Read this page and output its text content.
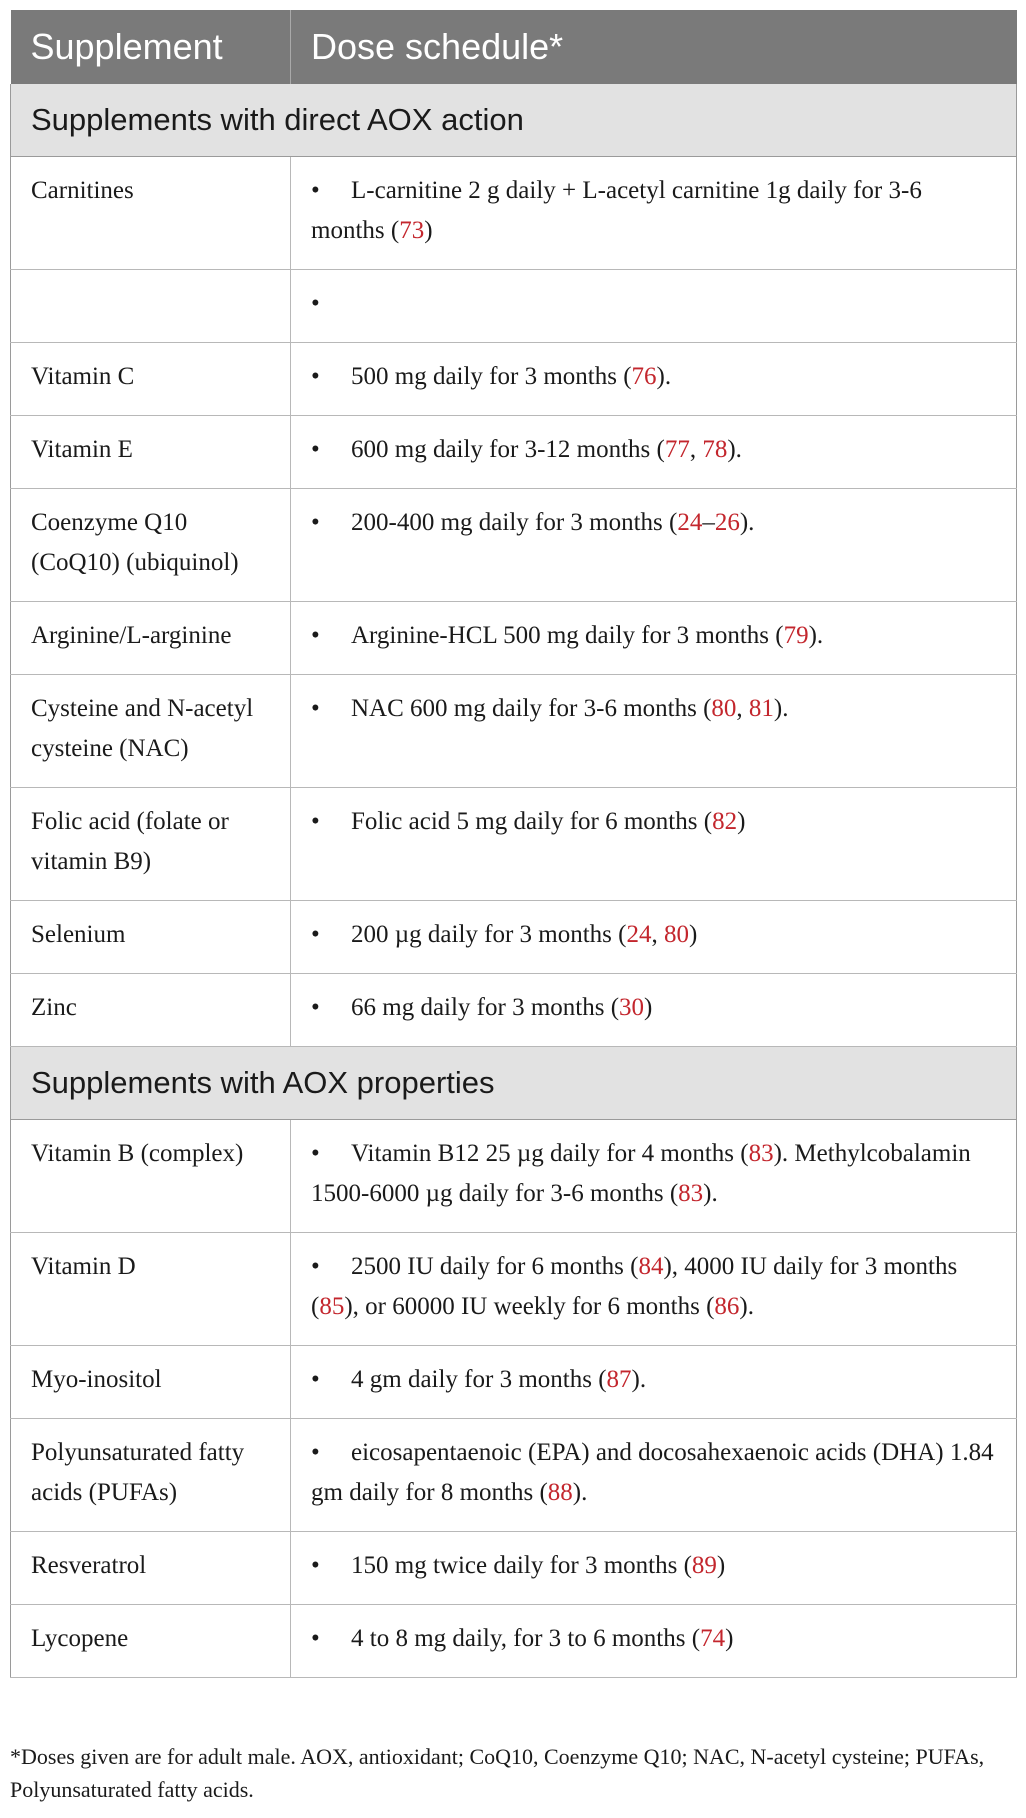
Supplement	Dose schedule*
Supplements with direct AOX action	
Carnitines	• L-carnitine 2 g daily + L-acetyl carnitine 1g daily for 3-6 months (73)

	•

Vitamin C	• 500 mg daily for 3 months (76).

Vitamin E	• 600 mg daily for 3-12 months (77, 78).

Coenzyme Q10 (CoQ10) (ubiquinol)	• 200-400 mg daily for 3 months (24–26).

Arginine/L-arginine	• Arginine-HCL 500 mg daily for 3 months (79).

Cysteine and N-acetyl cysteine (NAC)	• NAC 600 mg daily for 3-6 months (80, 81).

Folic acid (folate or vitamin B9)	• Folic acid 5 mg daily for 6 months (82)

Selenium	• 200 µg daily for 3 months (24, 80)

Zinc	• 66 mg daily for 3 months (30)

Supplements with AOX properties	
Vitamin B (complex)	• Vitamin B12 25 µg daily for 4 months (83). Methylcobalamin 1500-6000 µg daily for 3-6 months (83).

Vitamin D	• 2500 IU daily for 6 months (84), 4000 IU daily for 3 months (85), or 60000 IU weekly for 6 months (86).

Myo-inositol	• 4 gm daily for 3 months (87).

Polyunsaturated fatty acids (PUFAs)	• eicosapentaenoic (EPA) and docosahexaenoic acids (DHA) 1.84 gm daily for 8 months (88).

Resveratrol	• 150 mg twice daily for 3 months (89)

Lycopene	• 4 to 8 mg daily, for 3 to 6 months (74)
*Doses given are for adult male. AOX, antioxidant; CoQ10, Coenzyme Q10; NAC, N-acetyl cysteine; PUFAs, Polyunsaturated fatty acids.
